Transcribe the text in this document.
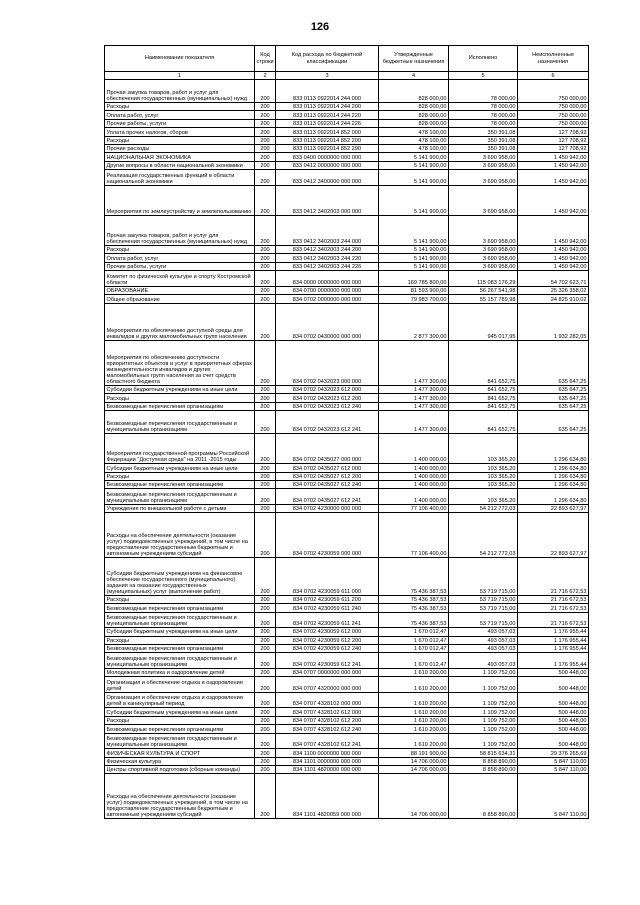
126
Наименование показателя	Код строки	Код расхода по бюджетной классификации	Утвержденные бюджетные назначения	Исполнено	Неисполненные назначения
1	2	3	4	5	6
Прочая закупка товаров, работ и услуг для обеспечения государственных (муниципальных) нужд	200	833 0113 0922014 244 000	828 000,00	78 000,00	750 000,00
Расходы	200	833 0113 0922014 244 200	828 000,00	78 000,00	750 000,00
Оплата работ, услуг	200	833 0113 0922014 244 220	828 000,00	78 000,00	750 000,00
Прочие работы, услуги	200	833 0113 0922014 244 226	828 000,00	78 000,00	750 000,00
Уплата прочих налогов, сборов	200	833 0113 0922014 852 000	478 100,00	350 391,08	127 708,92
Расходы	200	833 0113 0922014 852 200	478 100,00	350 391,08	127 708,92
Прочие расходы	200	833 0113 0922014 852 290	478 100,00	350 391,08	127 708,92
НАЦИОНАЛЬНАЯ ЭКОНОМИКА	200	833 0400 0000000 000 000	5 141 900,00	3 690 958,00	1 450 942,00
Другие вопросы в области национальной экономики	200	833 0412 0000000 000 000	5 141 900,00	3 690 958,00	1 450 942,00
Реализация государственных функций в области национальной экономики	200	833 0412 3400000 000 000	5 141 900,00	3 690 958,00	1 450 942,00
Мероприятия по землеустройству и землепользованию	200	833 0412 3402003 000 000	5 141 900,00	3 690 958,00	1 450 942,00
Прочая закупка товаров, работ и услуг для обеспечения государственных (муниципальных) нужд	200	833 0412 3402003 244 000	5 141 900,00	3 690 958,00	1 450 942,00
Расходы	200	833 0412 3402003 244 200	5 141 900,00	3 690 958,00	1 450 942,00
Оплата работ, услуг	200	833 0412 3402003 244 220	5 141 900,00	3 690 958,00	1 450 942,00
Прочие работы, услуги	200	833 0412 3402003 244 226	5 141 900,00	3 690 958,00	1 450 942,00
Комитет по физической культуре и спорту Костромской области	200	834 0000 0000000 000 000	169 785 800,00	115 083 176,29	54 702 623,71
ОБРАЗОВАНИЕ	200	834 0700 0000000 000 000	81 593 900,00	56 267 541,98	25 326 358,02
Общее образование	200	834 0702 0000000 000 000	79 983 700,00	55 157 789,98	24 825 910,02
Мероприятия по обеспечению доступной среды для инвалидов и других маломобильных групп населения	200	834 0702 0430000 000 000	2 877 300,00	945 017,95	1 932 282,05
Мероприятия по обеспечению доступности приоритетных объектов и услуг в приоритетных сферах жизнедеятельности инвалидов и других маломобильных групп населения за счет средств областного бюджета	200	834 0702 0432023 000 000	1 477 300,00	841 652,75	635 647,25
Субсидии бюджетным учреждениям на иные цели	200	834 0702 0432023 612 000	1 477 300,00	841 652,75	635 647,25
Расходы	200	834 0702 0432023 612 200	1 477 300,00	841 652,75	635 647,25
Безвозмездные перечисления организациям	200	834 0702 0432023 612 240	1 477 300,00	841 652,75	635 647,25
Безвозмездные перечисления государственным и муниципальным организациям	200	834 0702 0432023 612 241	1 477 300,00	841 652,75	635 647,25
Мероприятия государственной программы Российской Федерации "Доступная среда" на 2011 -2015 годы	200	834 0702 0435027 000 000	1 400 000,00	103 365,20	1 296 634,80
Субсидии бюджетным учреждениям на иные цели	200	834 0702 0435027 612 000	1 400 000,00	103 365,20	1 296 634,80
Расходы	200	834 0702 0435027 612 200	1 400 000,00	103 365,20	1 296 634,80
Безвозмездные перечисления организациям	200	834 0702 0435027 612 240	1 400 000,00	103 365,20	1 296 634,80
Безвозмездные перечисления государственным и муниципальным организациям	200	834 0702 0435027 612 241	1 400 000,00	103 365,20	1 296 634,80
Учреждения по внешкольной работе с детьми	200	834 0702 4230000 000 000	77 106 400,00	54 212 772,03	22 893 627,97
Расходы на обеспечение деятельности (оказание услуг) подведомственных учреждений, в том числе на предоставление государственным бюджетным и автономным учреждениям субсидий	200	834 0702 4230059 000 000	77 106 400,00	54 212 772,03	22 893 627,97
Субсидии бюджетным учреждениям на финансовое обеспечение государственного (муниципального) задания на оказание государственных (муниципальных) услуг (выполнение работ)	200	834 0702 4230059 611 000	75 436 387,53	53 719 715,00	21 716 672,53
Расходы	200	834 0702 4230059 611 200	75 436 387,53	53 719 715,00	21 716 672,53
Безвозмездные перечисления организациям	200	834 0702 4230059 611 240	75 436 387,53	53 719 715,00	21 716 672,53
Безвозмездные перечисления государственным и муниципальным организациям	200	834 0702 4230059 611 241	75 436 387,53	53 719 715,00	21 716 672,53
Субсидии бюджетным учреждениям на иные цели	200	834 0702 4230059 612 000	1 670 012,47	493 057,03	1 176 955,44
Расходы	200	834 0702 4230059 612 200	1 670 012,47	493 057,03	1 176 955,44
Безвозмездные перечисления организациям	200	834 0702 4230059 612 240	1 670 012,47	493 057,03	1 176 955,44
Безвозмездные перечисления государственным и муниципальным организациям	200	834 0702 4230059 612 241	1 670 012,47	493 057,03	1 176 955,44
Молодежная политика и оздоровление детей	200	834 0707 0000000 000 000	1 610 200,00	1 109 752,00	500 448,00
Организация и обеспечение отдыха и оздоровления детей	200	834 0707 4320000 000 000	1 610 200,00	1 109 752,00	500 448,00
Организация и обеспечение отдыха и оздоровления детей в каникулярный период	200	834 0707 4328102 000 000	1 610 200,00	1 109 752,00	500 448,00
Субсидии бюджетным учреждениям на иные цели	200	834 0707 4328102 612 000	1 610 200,00	1 109 752,00	500 448,00
Расходы	200	834 0707 4328102 612 200	1 610 200,00	1 109 752,00	500 448,00
Безвозмездные перечисления организациям	200	834 0707 4328102 612 240	1 610 200,00	1 109 752,00	500 448,00
Безвозмездные перечисления государственным и муниципальным организациям	200	834 0707 4328102 612 241	1 610 200,00	1 109 752,00	500 448,00
ФИЗИЧЕСКАЯ КУЛЬТУРА И СПОРТ	200	834 1100 0000000 000 000	88 191 900,00	58 815 634,31	29 376 265,69
Физическая культура	200	834 1101 0000000 000 000	14 706 000,00	8 858 890,00	5 847 110,00
Центры спортивной подготовки (сборные команды)	200	834 1101 4820000 000 000	14 706 000,00	8 858 890,00	5 847 110,00
Расходы на обеспечение деятельности (оказание услуг) подведомственных учреждений, в том числе на предоставление государственным бюджетным и автономным учреждениям субсидий	200	834 1101 4820059 000 000	14 706 000,00	8 858 890,00	5 847 110,00
